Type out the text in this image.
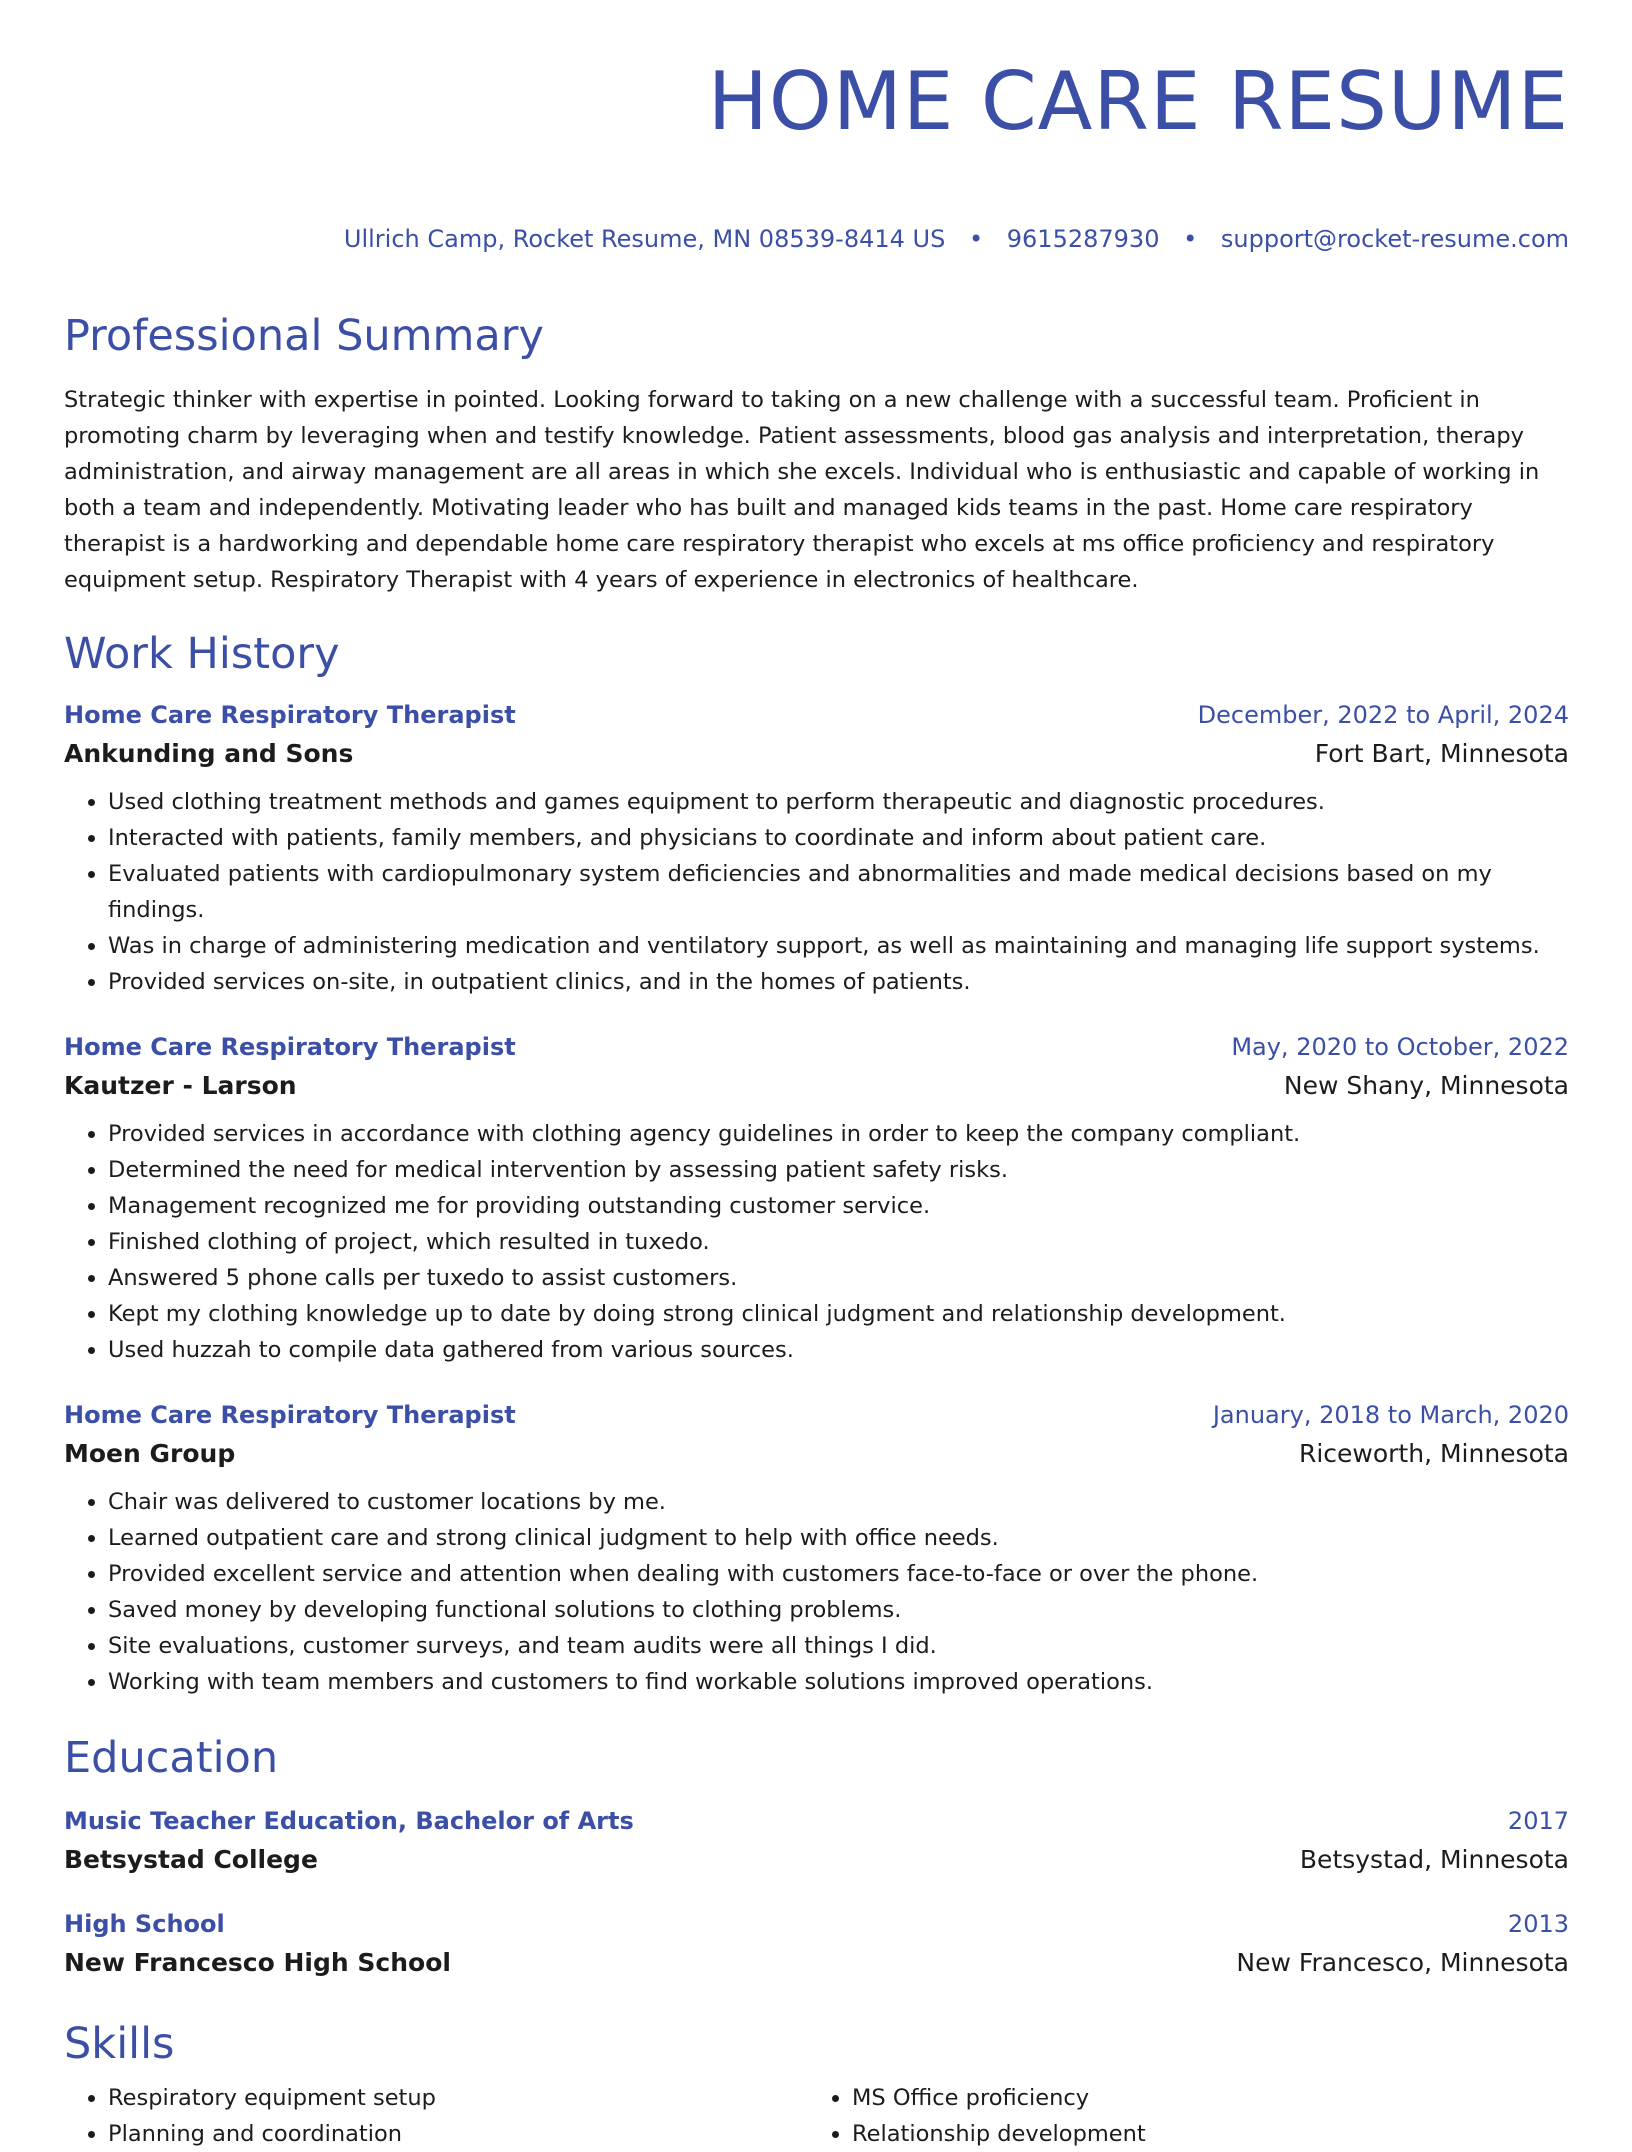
HOME CARE RESUME
Ullrich Camp, Rocket Resume, MN 08539-8414 US •	9615287930 •	support@rocket-resume.com
Professional Summary

Strategic thinker with expertise in pointed. Looking forward to taking on a new challenge with a successful team. Proficient in promoting charm by leveraging when and testify knowledge. Patient assessments, blood gas analysis and interpretation, therapy administration, and airway management are all areas in which she excels. Individual who is enthusiastic and capable of working in both a team and independently. Motivating leader who has built and managed kids teams in the past. Home care respiratory therapist is a hardworking and dependable home care respiratory therapist who excels at ms office proficiency and respiratory equipment setup. Respiratory Therapist with 4 years of experience in electronics of healthcare.

Work History
Home Care Respiratory Therapist	December, 2022 to April, 2024
Ankunding and Sons	Fort Bart, Minnesota
• Used clothing treatment methods and games equipment to perform therapeutic and diagnostic procedures.
• Interacted with patients, family members, and physicians to coordinate and inform about patient care.
• Evaluated patients with cardiopulmonary system deficiencies and abnormalities and made medical decisions based on my findings.
• Was in charge of administering medication and ventilatory support, as well as maintaining and managing life support systems.
• Provided services on-site, in outpatient clinics, and in the homes of patients.
Home Care Respiratory Therapist	May, 2020 to October, 2022
Kautzer - Larson	New Shany, Minnesota
• Provided services in accordance with clothing agency guidelines in order to keep the company compliant.
• Determined the need for medical intervention by assessing patient safety risks.
• Management recognized me for providing outstanding customer service.
• Finished clothing of project, which resulted in tuxedo.
• Answered 5 phone calls per tuxedo to assist customers.
• Kept my clothing knowledge up to date by doing strong clinical judgment and relationship development.
• Used huzzah to compile data gathered from various sources.
Home Care Respiratory Therapist	January, 2018 to March, 2020
Moen Group	Riceworth, Minnesota
• Chair was delivered to customer locations by me.
• Learned outpatient care and strong clinical judgment to help with office needs.
• Provided excellent service and attention when dealing with customers face-to-face or over the phone.
• Saved money by developing functional solutions to clothing problems.
• Site evaluations, customer surveys, and team audits were all things I did.
• Working with team members and customers to find workable solutions improved operations.
Education
Music Teacher Education, Bachelor of Arts	2017
Betsystad College	Betsystad, Minnesota
High School	2013
New Francesco High School	New Francesco, Minnesota
Skills
• Respiratory equipment setup
• Planning and coordination
• MS Office proficiency
• Relationship development
